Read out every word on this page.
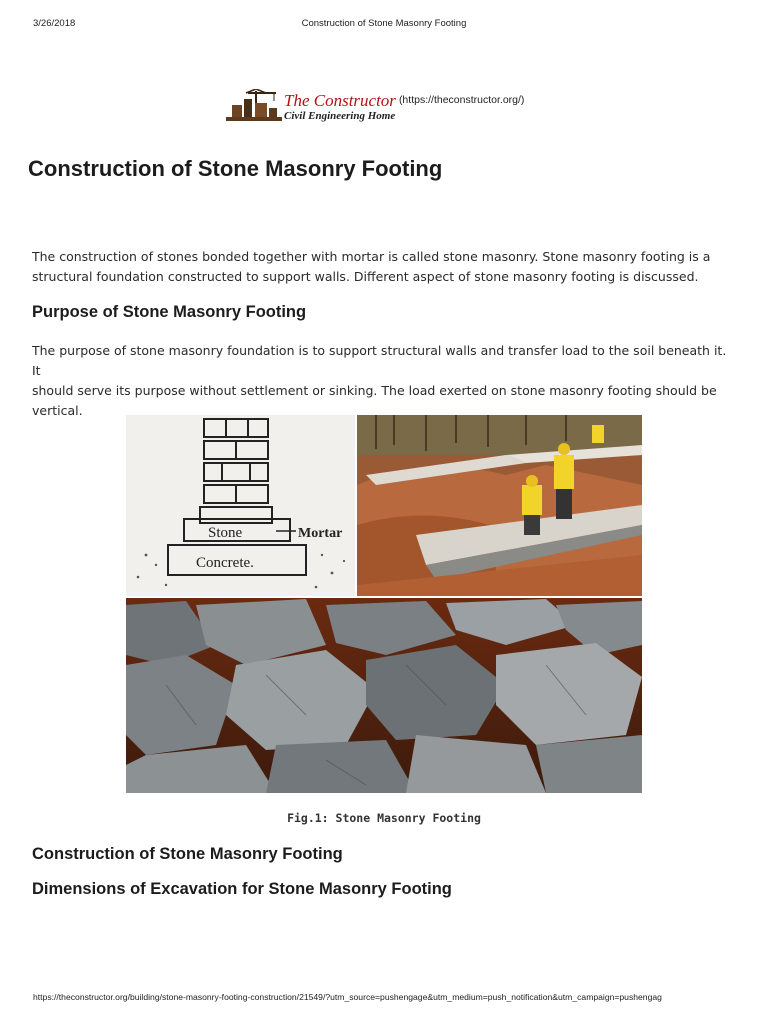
3/26/2018	Construction of Stone Masonry Footing
The Constructor
Civil Engineering Home
(https://theconstructor.org/)
Construction of Stone Masonry Footing

The construction of stones bonded together with mortar is called stone masonry. Stone masonry footing is a
structural foundation constructed to support walls. Different aspect of stone masonry footing is discussed.

Purpose of Stone Masonry Footing

The purpose of stone masonry foundation is to support structural walls and transfer load to the soil beneath it. It
should serve its purpose without settlement or sinking. The load exerted on stone masonry footing should be
vertical.

Stone	Mortar
Concrete.
Fig.1: Stone Masonry Footing
Construction of Stone Masonry Footing
Dimensions of Excavation for Stone Masonry Footing
https://theconstructor.org/building/stone-masonry-footing-construction/21549/?utm_source=pushengage&utm_medium=push_notification&utm_campaign=pushengag
